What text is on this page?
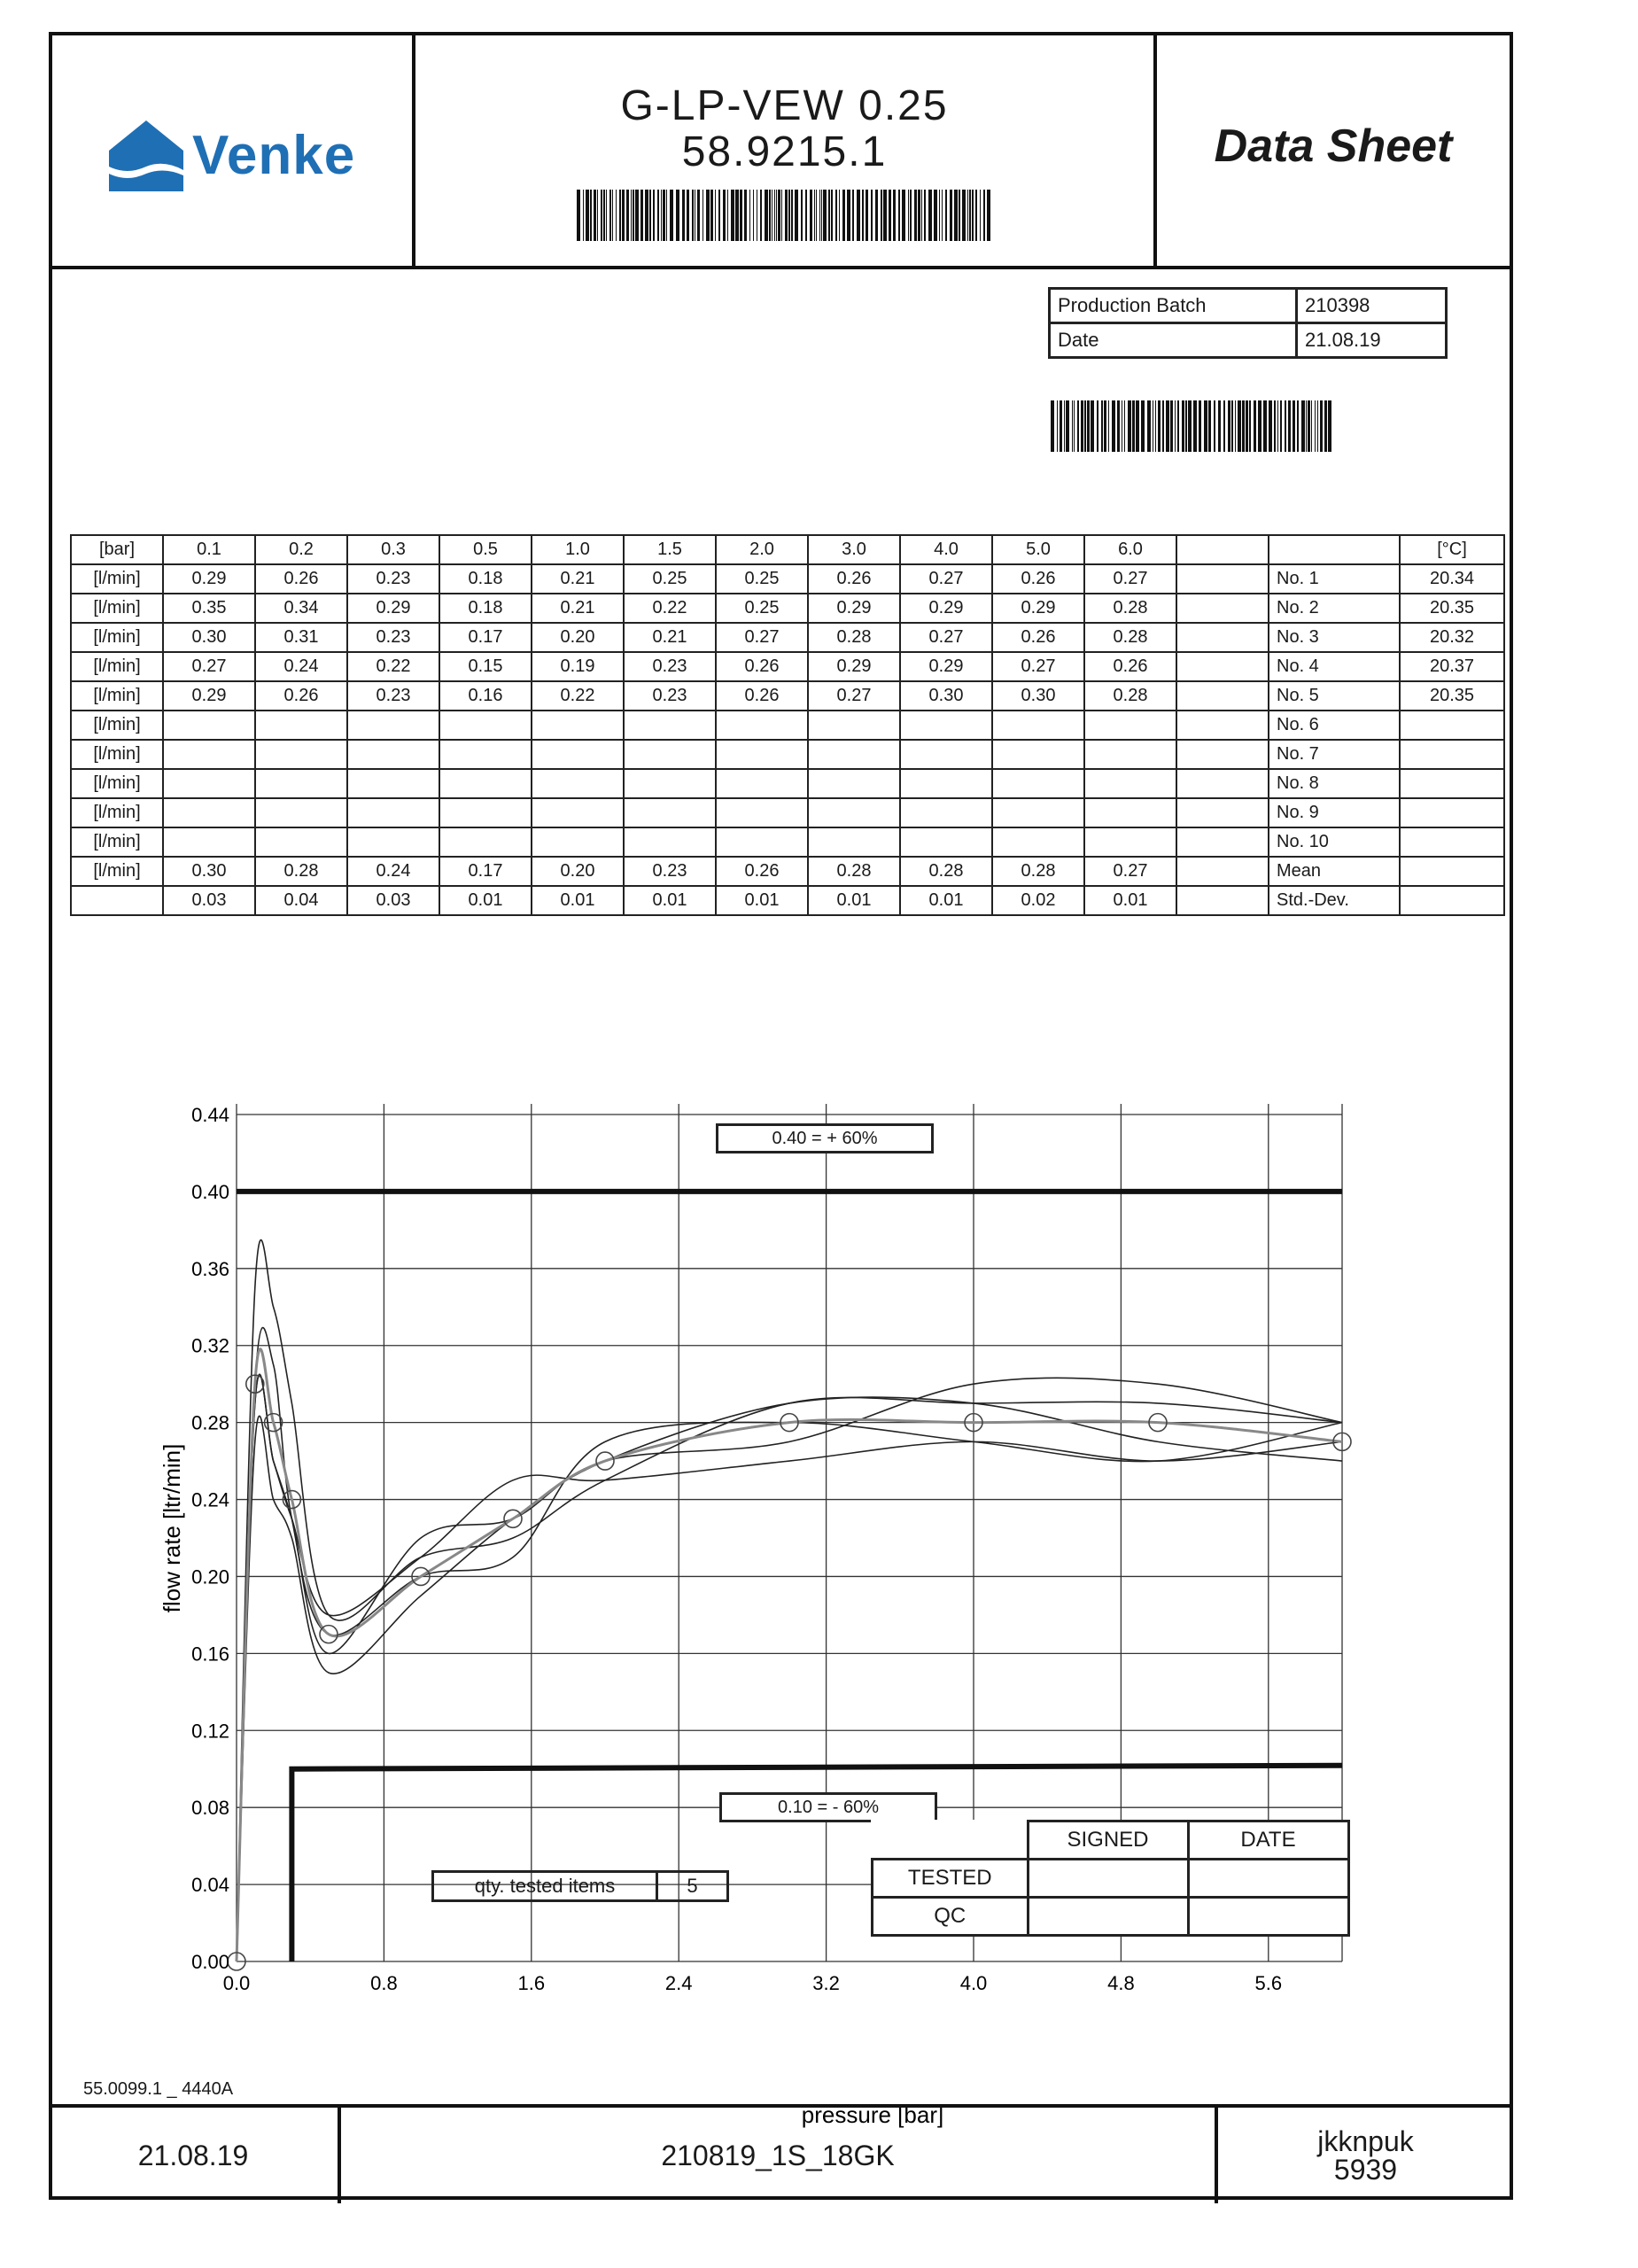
Venke
G-LP-VEW 0.25
58.9215.1	Data Sheet
Production Batch	210398
Date	21.08.19
[bar]	0.1	0.2	0.3	0.5	1.0	1.5	2.0	3.0	4.0	5.0	6.0			[°C]
[l/min]	0.29	0.26	0.23	0.18	0.21	0.25	0.25	0.26	0.27	0.26	0.27		No. 1	20.34
[l/min]	0.35	0.34	0.29	0.18	0.21	0.22	0.25	0.29	0.29	0.29	0.28		No. 2	20.35
[l/min]	0.30	0.31	0.23	0.17	0.20	0.21	0.27	0.28	0.27	0.26	0.28		No. 3	20.32
[l/min]	0.27	0.24	0.22	0.15	0.19	0.23	0.26	0.29	0.29	0.27	0.26		No. 4	20.37
[l/min]	0.29	0.26	0.23	0.16	0.22	0.23	0.26	0.27	0.30	0.30	0.28		No. 5	20.35
[l/min]													No. 6	
[l/min]													No. 7	
[l/min]													No. 8	
[l/min]													No. 9	
[l/min]													No. 10	
[l/min]	0.30	0.28	0.24	0.17	0.20	0.23	0.26	0.28	0.28	0.28	0.27		Mean	
	0.03	0.04	0.03	0.01	0.01	0.01	0.01	0.01	0.01	0.02	0.01		Std.-Dev.	
0.00
0.04
0.08
0.12
0.16
0.20
0.24
0.28
0.32
0.36
0.40
0.44
0.0	0.8	1.6	2.4	3.2	4.0	4.8	5.6
flow rate [ltr/min]
pressure [bar]
0.40 = + 60%
0.10 = - 60%
qty. tested items	5
	SIGNED	DATE
TESTED		
QC		
55.0099.1 _ 4440A
21.08.19	210819_1S_18GK	jkknpuk
5939
